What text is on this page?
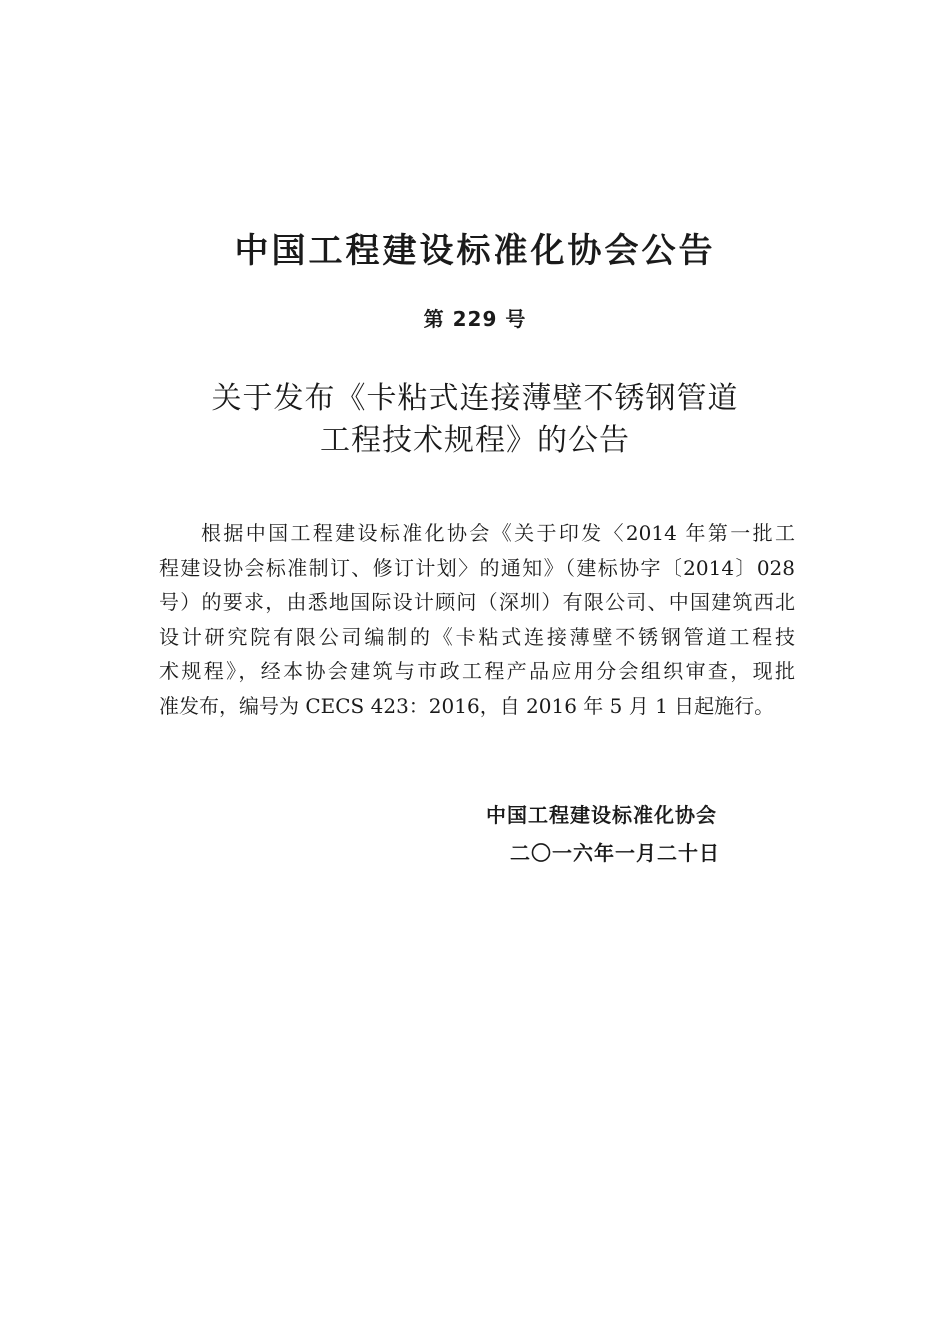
中国工程建设标准化协会公告
第 229 号
关于发布《卡粘式连接薄壁不锈钢管道
工程技术规程》的公告
根据中国工程建设标准化协会《关于印发〈2014 年第一批工
程建设协会标准制订、修订计划〉的通知》（建标协字〔2014〕028
号）的要求，由悉地国际设计顾问（深圳）有限公司、中国建筑西北
设计研究院有限公司编制的《卡粘式连接薄壁不锈钢管道工程技
术规程》，经本协会建筑与市政工程产品应用分会组织审查，现批
准发布，编号为 CECS 423：2016，自 2016 年 5 月 1 日起施行。
中国工程建设标准化协会
二〇一六年一月二十日
